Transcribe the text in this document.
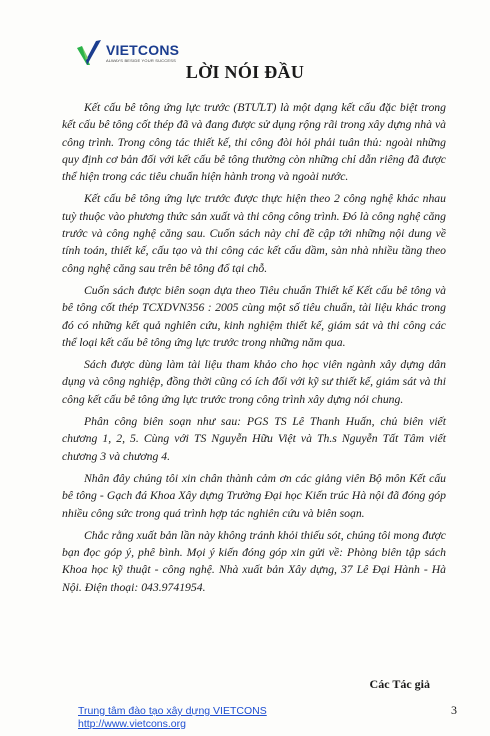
VIETCONS
ALWAYS BESIDE YOUR SUCCESS
LỜI NÓI ĐẦU

Kết cấu bê tông ứng lực trước (BTƯLT) là một dạng kết cấu đặc biệt trong kết cấu bê tông cốt thép đã và đang được sử dụng rộng rãi trong xây dựng nhà và công trình. Trong công tác thiết kế, thi công đòi hỏi phải tuân thủ: ngoài những quy định cơ bản đối với kết cấu bê tông thường còn những chỉ dẫn riêng đã được thể hiện trong các tiêu chuẩn hiện hành trong và ngoài nước.

Kết cấu bê tông ứng lực trước được thực hiện theo 2 công nghệ khác nhau tuỳ thuộc vào phương thức sản xuất và thi công công trình. Đó là công nghệ căng trước và công nghệ căng sau. Cuốn sách này chỉ đề cập tới những nội dung về tính toán, thiết kế, cấu tạo và thi công các kết cấu dầm, sàn nhà nhiều tầng theo công nghệ căng sau trên bê tông đổ tại chỗ.

Cuốn sách được biên soạn dựa theo Tiêu chuẩn Thiết kế Kết cấu bê tông và bê tông cốt thép TCXDVN356 : 2005 cùng một số tiêu chuẩn, tài liệu khác trong đó có những kết quả nghiên cứu, kinh nghiệm thiết kế, giám sát và thi công các thể loại kết cấu bê tông ứng lực trước trong những năm qua.

Sách được dùng làm tài liệu tham khảo cho học viên ngành xây dựng dân dụng và công nghiệp, đồng thời cũng có ích đối với kỹ sư thiết kế, giám sát và thi công kết cấu bê tông ứng lực trước trong công trình xây dựng nói chung.

Phân công biên soạn như sau: PGS TS Lê Thanh Huấn, chủ biên viết chương 1, 2, 5. Cùng với TS Nguyễn Hữu Việt và Th.s Nguyễn Tất Tâm viết chương 3 và chương 4.

Nhân đây chúng tôi xin chân thành cảm ơn các giảng viên Bộ môn Kết cấu bê tông - Gạch đá Khoa Xây dựng Trường Đại học Kiến trúc Hà nội đã đóng góp nhiều công sức trong quá trình hợp tác nghiên cứu và biên soạn.

Chắc rằng xuất bản lần này không tránh khỏi thiếu sót, chúng tôi mong được bạn đọc góp ý, phê bình. Mọi ý kiến đóng góp xin gửi về: Phòng biên tập sách Khoa học kỹ thuật - công nghệ. Nhà xuất bản Xây dựng, 37 Lê Đại Hành - Hà Nội. Điện thoại: 043.9741954.

Các Tác giả
Trung tâm đào tạo xây dựng VIETCONS
http://www.vietcons.org
3
